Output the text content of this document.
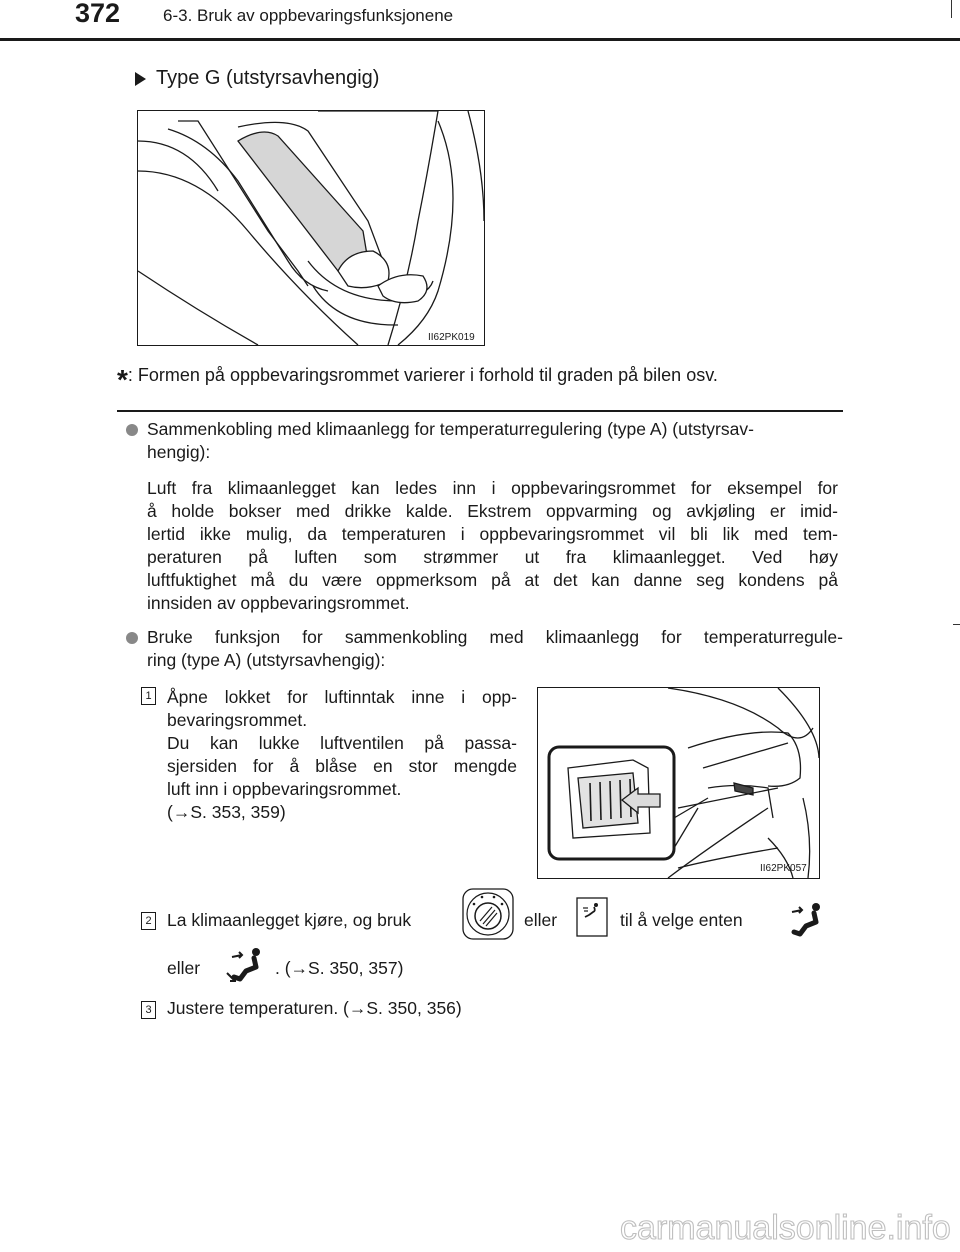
372	6-3. Bruk av oppbevaringsfunksjonene
Type G (utstyrsavhengig)
II62PK019
*: Formen på oppbevaringsrommet varierer i forhold til graden på bilen osv.
Sammenkobling med klimaanlegg for temperaturregulering (type A) (utstyrsav-
hengig):
Luft fra klimaanlegget kan ledes inn i oppbevaringsrommet for eksempel for
å holde bokser med drikke kalde. Ekstrem oppvarming og avkjøling er imid-
lertid ikke mulig, da temperaturen i oppbevaringsrommet vil bli lik med tem-
peraturen på luften som strømmer ut fra klimaanlegget. Ved høy
luftfuktighet må du være oppmerksom på at det kan danne seg kondens på
innsiden av oppbevaringsrommet.
Bruke funksjon for sammenkobling med klimaanlegg for temperaturregule-
ring (type A) (utstyrsavhengig):
1 Åpne lokket for luftinntak inne i opp-
bevaringsrommet.
Du kan lukke luftventilen på passa-
sjersiden for å blåse en stor mengde
luft inn i oppbevaringsrommet.
(→S. 353, 359)
II62PK057
2 La klimaanlegget kjøre, og bruk	eller	til å velge enten
eller	. (→S. 350, 357)
3 Justere temperaturen. (→S. 350, 356)
carmanualsonline.info
